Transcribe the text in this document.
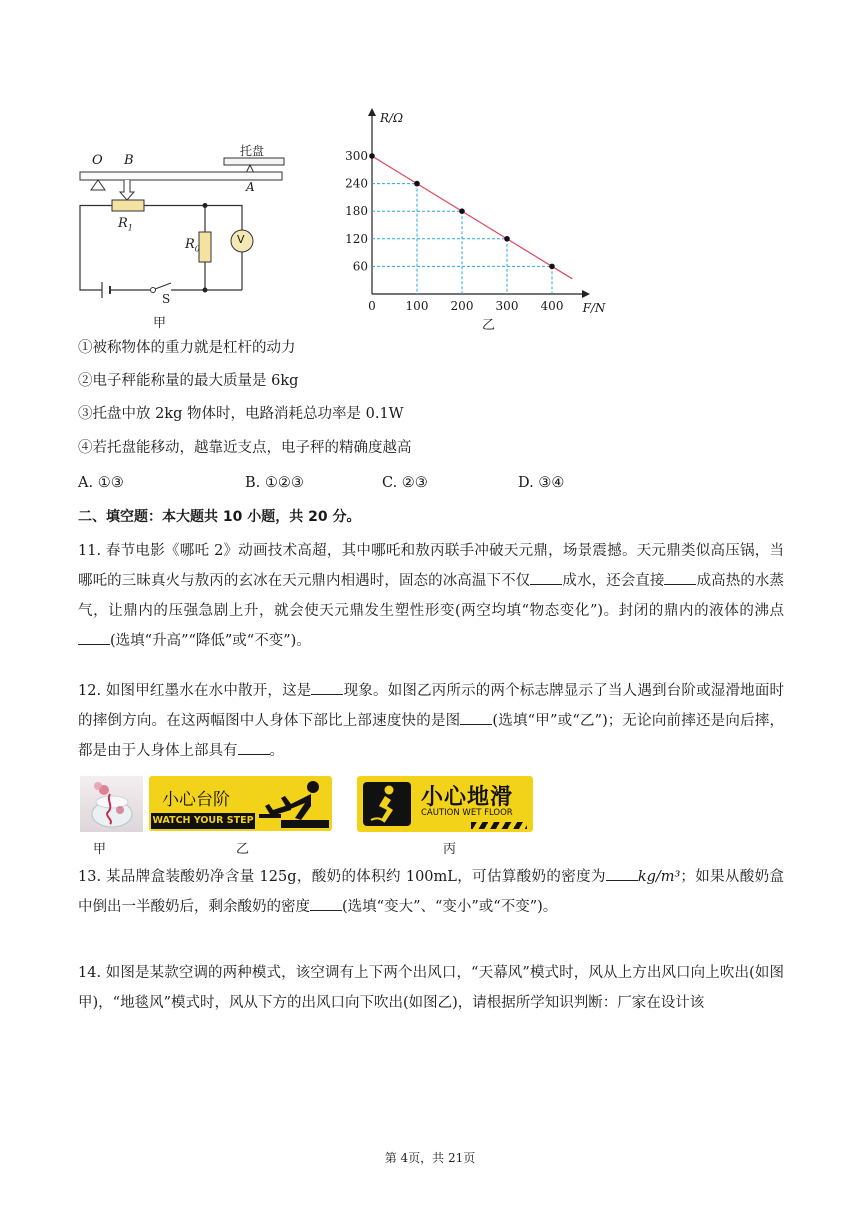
O B
托盘
A
$R_1$
$R_0$
V
S
甲
300
240
180
120
60
100 200 300 400
0
R/Ω
F/N
乙
①被称物体的重力就是杠杆的动力
②电子秤能称量的最大质量是 6kg
③托盘中放 2kg 物体时，电路消耗总功率是 0.1W
④若托盘能移动，越靠近支点，电子秤的精确度越高
A. ①③	B. ①②③	C. ②③	D. ③④
二、填空题：本大题共 10 小题，共 20 分。
11. 春节电影《哪吒 2》动画技术高超，其中哪吒和敖丙联手冲破天元鼎，场景震撼。天元鼎类似高压锅，当哪吒的三昧真火与敖丙的玄冰在天元鼎内相遇时，固态的冰高温下不仅 成水，还会直接 成高热的水蒸气，让鼎内的压强急剧上升，就会使天元鼎发生塑性形变(两空均填“物态变化”)。封闭的鼎内的液体的沸点(选填“升高”“降低”或“不变”)。
12. 如图甲红墨水在水中散开，这是 现象。如图乙丙所示的两个标志牌显示了当人遇到台阶或湿滑地面时的摔倒方向。在这两幅图中人身体下部比上部速度快的是图 (选填“甲”或“乙”)；无论向前摔还是向后摔，都是由于人身体上部具有 。
小心台阶
WATCH YOUR STEP
小心地滑
CAUTION WET FLOOR
甲	乙	丙
13. 某品牌盒装酸奶净含量 125g，酸奶的体积约 100mL，可估算酸奶的密度为 kg/m³；如果从酸奶盒中倒出一半酸奶后，剩余酸奶的密度 (选填“变大”、“变小”或“不变”)。
14. 如图是某款空调的两种模式，该空调有上下两个出风口，“天幕风”模式时，风从上方出风口向上吹出(如图甲)，“地毯风”模式时，风从下方的出风口向下吹出(如图乙)，请根据所学知识判断：厂家在设计该
第 4页，共 21页
